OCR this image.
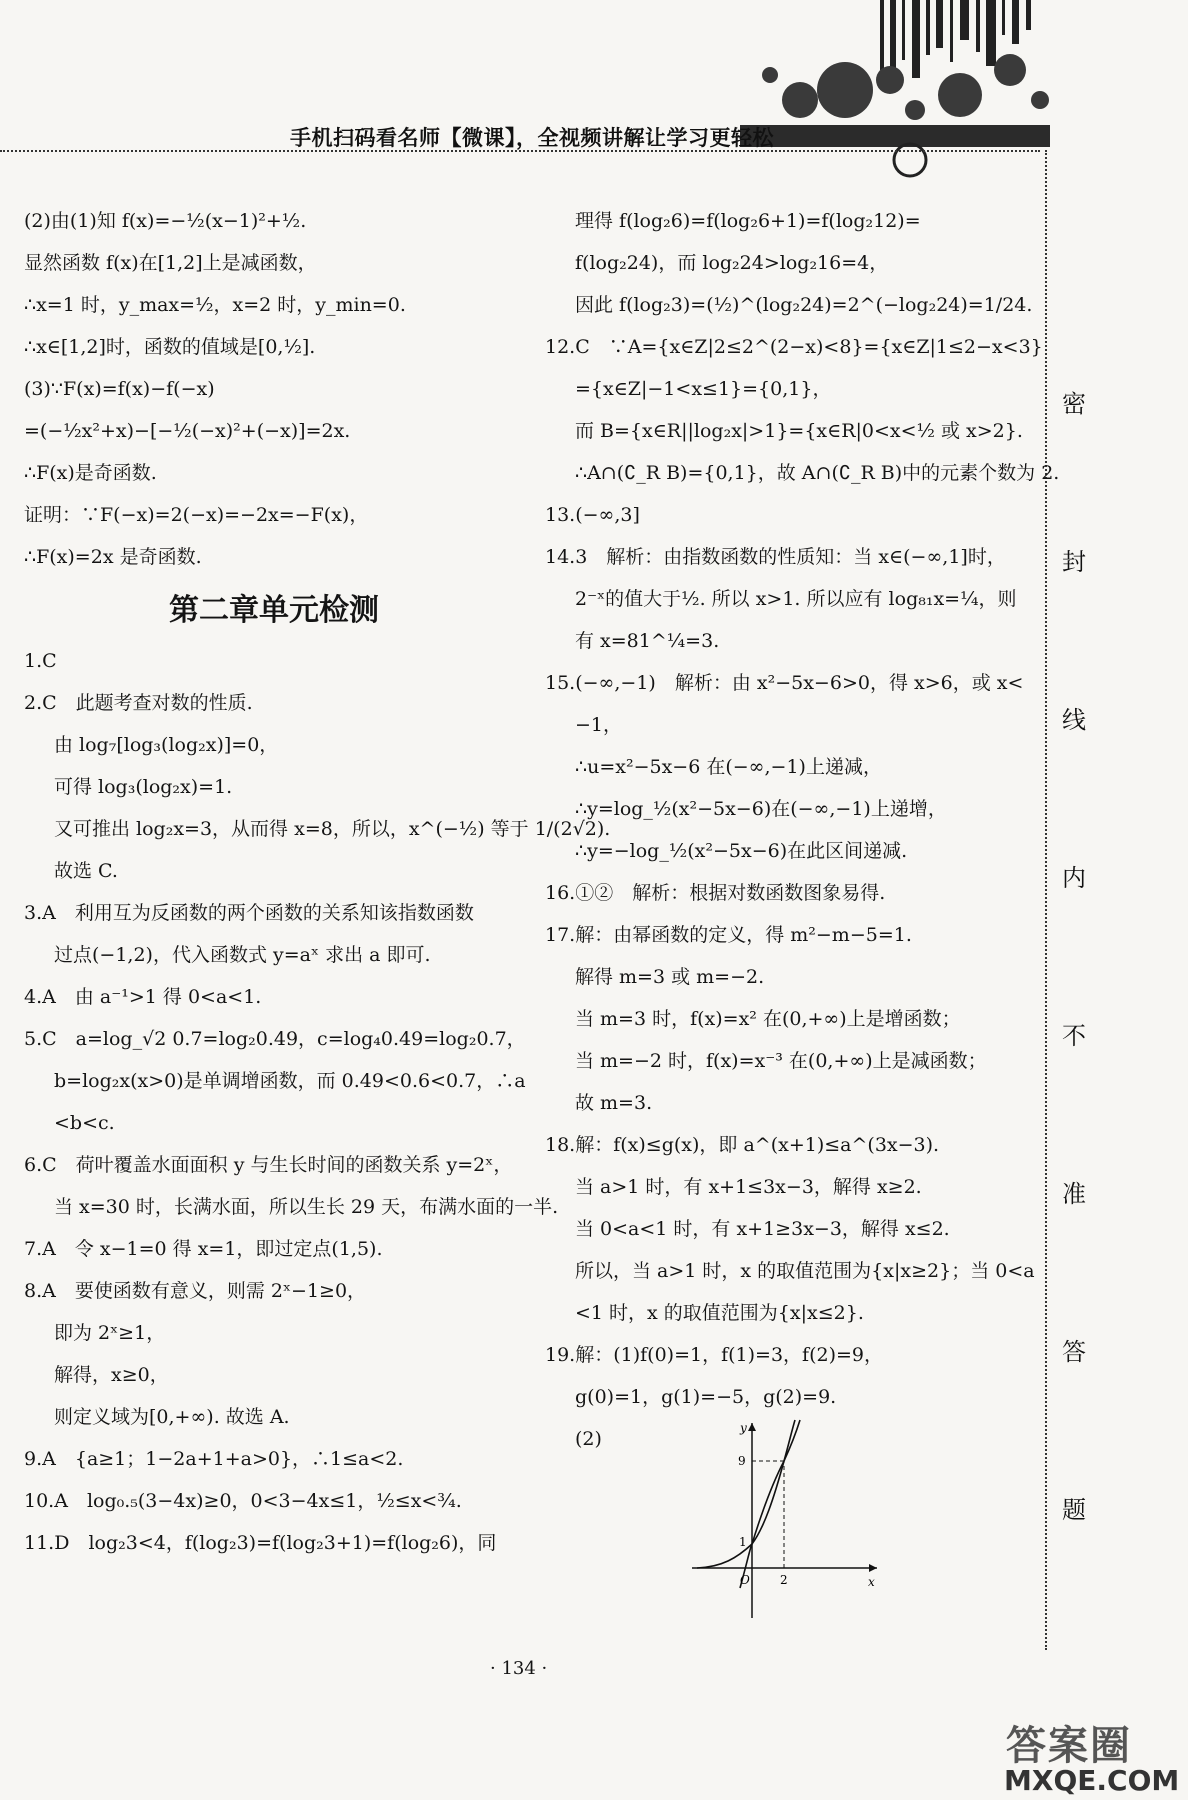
手机扫码看名师【微课】，全视频讲解让学习更轻松
密
封
线
内
不
准
答
题
(2)由(1)知 f(x)=−½(x−1)²+½.
显然函数 f(x)在[1,2]上是减函数，
∴x=1 时，y_max=½，x=2 时，y_min=0.
∴x∈[1,2]时，函数的值域是[0,½].
(3)∵F(x)=f(x)−f(−x)
=(−½x²+x)−[−½(−x)²+(−x)]=2x.
∴F(x)是奇函数.
证明：∵F(−x)=2(−x)=−2x=−F(x)，
∴F(x)=2x 是奇函数.
第二章单元检测
1.C
2.C　此题考查对数的性质.
由 log₇[log₃(log₂x)]=0，
可得 log₃(log₂x)=1.
又可推出 log₂x=3，从而得 x=8，所以，x^(−½) 等于 1/(2√2).
故选 C.
3.A　利用互为反函数的两个函数的关系知该指数函数
过点(−1,2)，代入函数式 y=aˣ 求出 a 即可.
4.A　由 a⁻¹>1 得 0<a<1.
5.C　a=log_√2 0.7=log₂0.49，c=log₄0.49=log₂0.7，
b=log₂x(x>0)是单调增函数，而 0.49<0.6<0.7，∴a
<b<c.
6.C　荷叶覆盖水面面积 y 与生长时间的函数关系 y=2ˣ，
当 x=30 时，长满水面，所以生长 29 天，布满水面的一半.
7.A　令 x−1=0 得 x=1，即过定点(1,5).
8.A　要使函数有意义，则需 2ˣ−1≥0，
即为 2ˣ≥1，
解得，x≥0，
则定义域为[0,+∞). 故选 A.
9.A　{a≥1；1−2a+1+a>0}，∴1≤a<2.
10.A　log₀.₅(3−4x)≥0，0<3−4x≤1，½≤x<¾.
11.D　log₂3<4，f(log₂3)=f(log₂3+1)=f(log₂6)，同
理得 f(log₂6)=f(log₂6+1)=f(log₂12)=
f(log₂24)，而 log₂24>log₂16=4，
因此 f(log₂3)=(½)^(log₂24)=2^(−log₂24)=1/24.
12.C　∵A={x∈Z|2≤2^(2−x)<8}={x∈Z|1≤2−x<3}
={x∈Z|−1<x≤1}={0,1}，
而 B={x∈R||log₂x|>1}={x∈R|0<x<½ 或 x>2}.
∴A∩(∁_R B)={0,1}，故 A∩(∁_R B)中的元素个数为 2.
13.(−∞,3]
14.3　解析：由指数函数的性质知：当 x∈(−∞,1]时，
2⁻ˣ的值大于½. 所以 x>1. 所以应有 log₈₁x=¼，则
有 x=81^¼=3.
15.(−∞,−1)　解析：由 x²−5x−6>0，得 x>6，或 x<
−1，
∴u=x²−5x−6 在(−∞,−1)上递减，
∴y=log_½(x²−5x−6)在(−∞,−1)上递增，
∴y=−log_½(x²−5x−6)在此区间递减.
16.①②　解析：根据对数函数图象易得.
17.解：由幂函数的定义，得 m²−m−5=1.
解得 m=3 或 m=−2.
当 m=3 时，f(x)=x² 在(0,+∞)上是增函数；
当 m=−2 时，f(x)=x⁻³ 在(0,+∞)上是减函数；
故 m=3.
18.解：f(x)≤g(x)，即 a^(x+1)≤a^(3x−3).
当 a>1 时，有 x+1≤3x−3，解得 x≥2.
当 0<a<1 时，有 x+1≥3x−3，解得 x≤2.
所以，当 a>1 时，x 的取值范围为{x|x≥2}；当 0<a
<1 时，x 的取值范围为{x|x≤2}.
19.解：(1)f(0)=1，f(1)=3，f(2)=9，
g(0)=1，g(1)=−5，g(2)=9.
(2)	y
x
O
9
1
2
· 134 ·
答案圈
MXQE.COM
